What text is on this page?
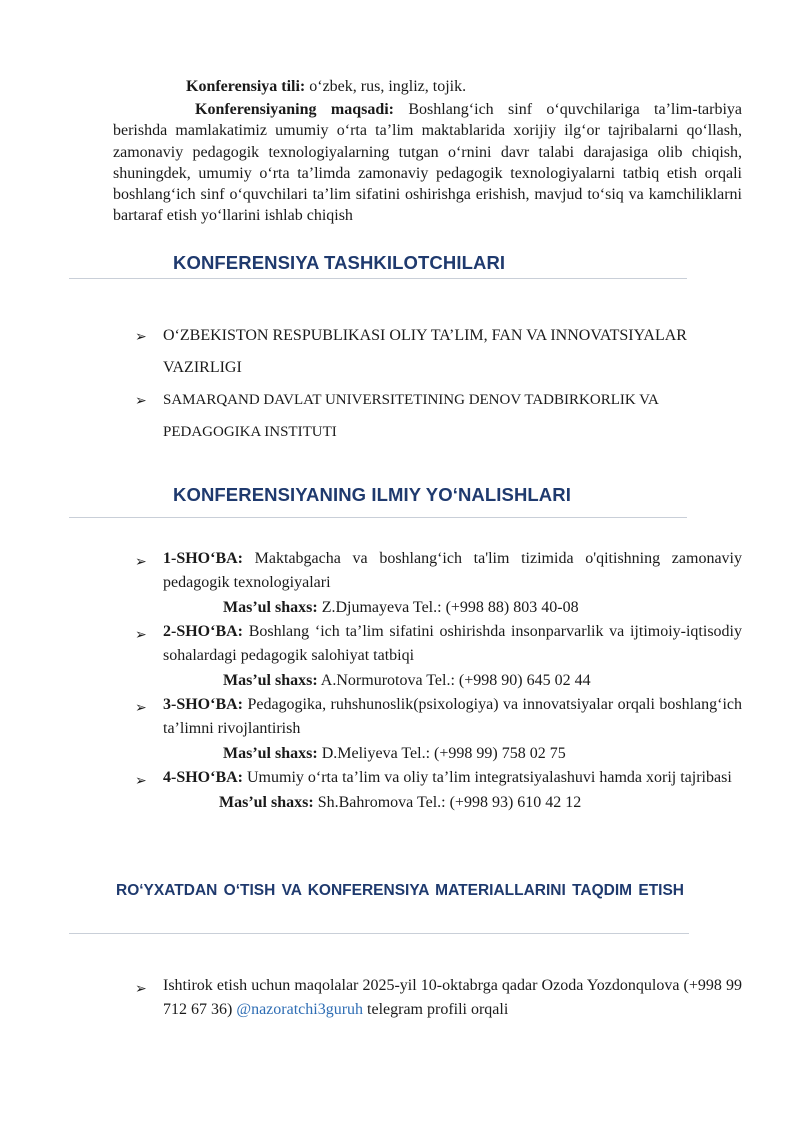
Konferensiya tili: o‘zbek, rus, ingliz, tojik.
Konferensiyaning maqsadi: Boshlang‘ich sinf o‘quvchilariga ta’lim-tarbiya berishda mamlakatimiz umumiy o‘rta ta’lim maktablarida xorijiy ilg‘or tajribalarni qo‘llash, zamonaviy pedagogik texnologiyalarning tutgan o‘rnini davr talabi darajasiga olib chiqish, shuningdek, umumiy o‘rta ta’limda zamonaviy pedagogik texnologiyalarni tatbiq etish orqali boshlang‘ich sinf o‘quvchilari ta’lim sifatini oshirishga erishish, mavjud to‘siq va kamchiliklarni bartaraf etish yo‘llarini ishlab chiqish
KONFERENSIYA TASHKILOTCHILARI
➢ O‘ZBEKISTON RESPUBLIKASI OLIY TA’LIM, FAN VA INNOVATSIYALAR VAZIRLIGI
➢ SAMARQAND DAVLAT UNIVERSITETINING DENOV TADBIRKORLIK VA PEDAGOGIKA INSTITUTI
KONFERENSIYANING ILMIY YO‘NALISHLARI
➢ 1-SHO‘BA: Maktabgacha va boshlang‘ich ta'lim tizimida o'qitishning zamonaviy pedagogik texnologiyalari
Mas’ul shaxs: Z.Djumayeva Tel.: (+998 88) 803 40-08
➢ 2-SHO‘BA: Boshlang ‘ich ta’lim sifatini oshirishda insonparvarlik va ijtimoiy-iqtisodiy sohalardagi pedagogik salohiyat tatbiqi
Mas’ul shaxs: A.Normurotova Tel.: (+998 90) 645 02 44
➢ 3-SHO‘BA: Pedagogika, ruhshunoslik(psixologiya) va innovatsiyalar orqali boshlang‘ich ta’limni rivojlantirish
Mas’ul shaxs: D.Meliyeva Tel.: (+998 99) 758 02 75
➢ 4-SHO‘BA: Umumiy o‘rta ta’lim va oliy ta’lim integratsiyalashuvi hamda xorij tajribasi
Mas’ul shaxs: Sh.Bahromova Tel.: (+998 93) 610 42 12
RO‘YXATDAN O‘TISH VA KONFERENSIYA MATERIALLARINI TAQDIM ETISH
➢ Ishtirok etish uchun maqolalar 2025-yil 10-oktabrga qadar Ozoda Yozdonqulova (+998 99 712 67 36) @nazoratchi3guruh telegram profili orqali
